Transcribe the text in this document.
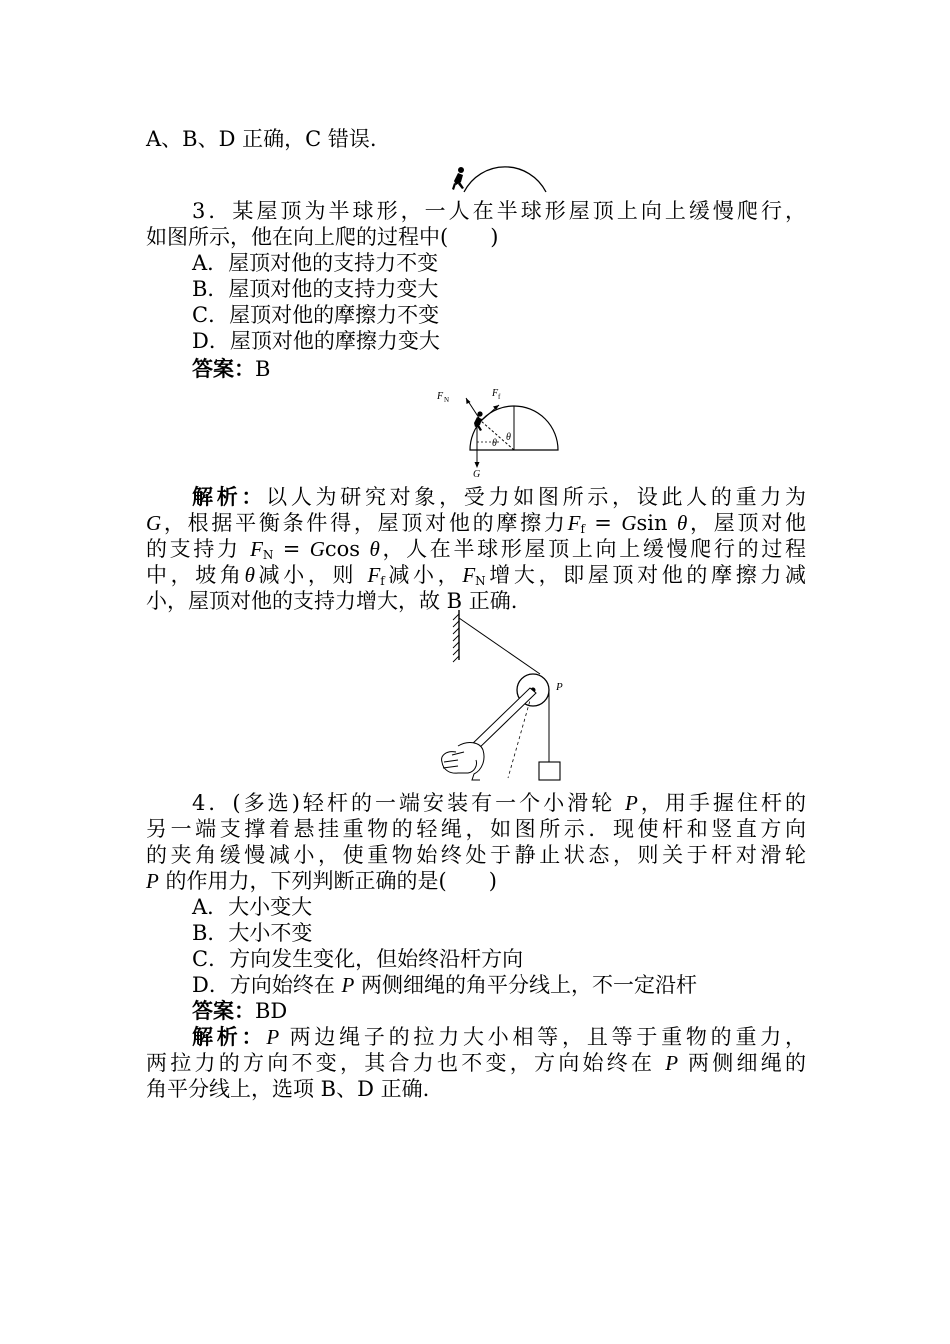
A、B、D 正确，C 错误.
3．某屋顶为半球形，一人在半球形屋顶上向上缓慢爬行，
如图所示，他在向上爬的过程中(　　)
A．屋顶对他的支持力不变
B．屋顶对他的支持力变大
C．屋顶对他的摩擦力不变
D．屋顶对他的摩擦力变大
答案：B
F N
F f
θ
θ
G
解析：以人为研究对象，受力如图所示，设此人的重力为
G，根据平衡条件得，屋顶对他的摩擦力$F_f = Gsin$ θ，屋顶对他
的支持力 $F_N = Gcos$ θ，人在半球形屋顶上向上缓慢爬行的过程
中，坡角θ减小，则 $F_f$减小，$F_N$增大，即屋顶对他的摩擦力减
小，屋顶对他的支持力增大，故 B 正确.
P
4．(多选)轻杆的一端安装有一个小滑轮 P，用手握住杆的
另一端支撑着悬挂重物的轻绳，如图所示．现使杆和竖直方向
的夹角缓慢减小，使重物始终处于静止状态，则关于杆对滑轮
P 的作用力，下列判断正确的是(　　)
A．大小变大
B．大小不变
C．方向发生变化，但始终沿杆方向
D．方向始终在 P 两侧细绳的角平分线上，不一定沿杆
答案：BD
解析：P 两边绳子的拉力大小相等，且等于重物的重力，
两拉力的方向不变，其合力也不变，方向始终在 P 两侧细绳的
角平分线上，选项 B、D 正确.
